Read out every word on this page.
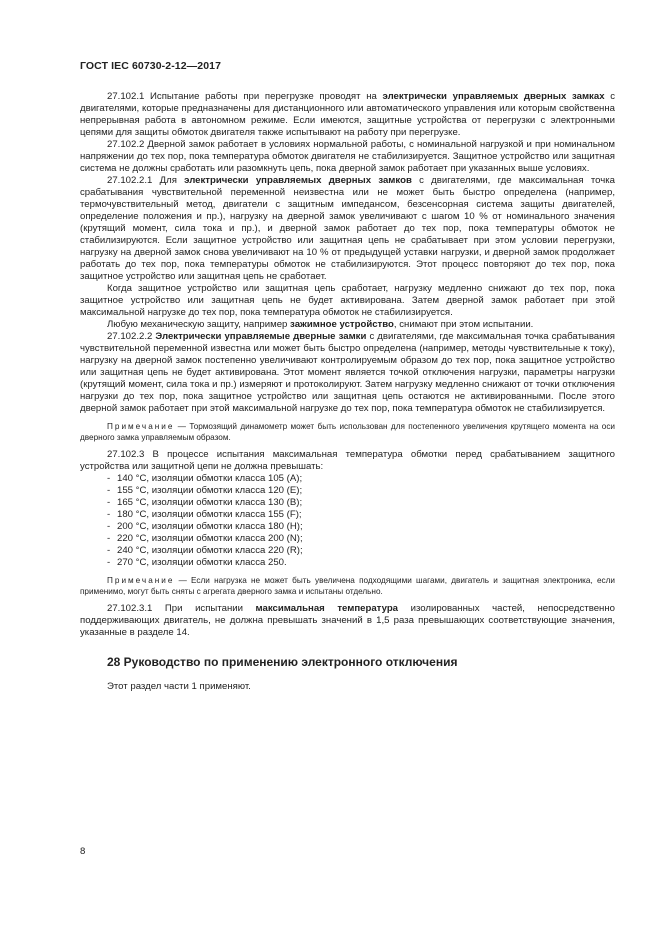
ГОСТ IEC 60730-2-12—2017

27.102.1 Испытание работы при перегрузке проводят на электрически управляемых дверных замках с двигателями, которые предназначены для дистанционного или автоматического управления или которым свойственна непрерывная работа в автономном режиме. Если имеются, защитные устройства от перегрузки с электронными цепями для защиты обмоток двигателя также испытывают на работу при перегрузке.

27.102.2 Дверной замок работает в условиях нормальной работы, с номинальной нагрузкой и при номинальном напряжении до тех пор, пока температура обмоток двигателя не стабилизируется. Защитное устройство или защитная система не должны сработать или разомкнуть цепь, пока дверной замок работает при указанных выше условиях.

27.102.2.1 Для электрически управляемых дверных замков с двигателями, где максимальная точка срабатывания чувствительной переменной неизвестна или не может быть быстро определена (например, термочувствительный метод, двигатели с защитным импедансом, безсенсорная система защиты двигателей, определение положения и пр.), нагрузку на дверной замок увеличивают с шагом 10 % от номинального значения (крутящий момент, сила тока и пр.), и дверной замок работает до тех пор, пока температуры обмоток не стабилизируются. Если защитное устройство или защитная цепь не срабатывает при этом условии перегрузки, нагрузку на дверной замок снова увеличивают на 10 % от предыдущей уставки нагрузки, и дверной замок продолжает работать до тех пор, пока температуры обмоток не стабилизируются. Этот процесс повторяют до тех пор, пока защитное устройство или защитная цепь не сработает.

Когда защитное устройство или защитная цепь сработает, нагрузку медленно снижают до тех пор, пока защитное устройство или защитная цепь не будет активирована. Затем дверной замок работает при этой максимальной нагрузке до тех пор, пока температура обмоток не стабилизируется.

Любую механическую защиту, например зажимное устройство, снимают при этом испытании.

27.102.2.2 Электрически управляемые дверные замки с двигателями, где максимальная точка срабатывания чувствительной переменной известна или может быть быстро определена (например, методы чувствительные к току), нагрузку на дверной замок постепенно увеличивают контролируемым образом до тех пор, пока защитное устройство или защитная цепь не будет активирована. Этот момент является точкой отключения нагрузки, параметры нагрузки (крутящий момент, сила тока и пр.) измеряют и протоколируют. Затем нагрузку медленно снижают от точки отключения нагрузки до тех пор, пока защитное устройство или защитная цепь остаются не активированными. После этого дверной замок работает при этой максимальной нагрузке до тех пор, пока температура обмоток не стабилизируется.

Примечание — Тормозящий динамометр может быть использован для постепенного увеличения крутящего момента на оси дверного замка управляемым образом.

27.102.3 В процессе испытания максимальная температура обмотки перед срабатыванием защитного устройства или защитной цепи не должна превышать:

- 140 °С, изоляции обмотки класса 105 (А);
- 155 °С, изоляции обмотки класса 120 (Е);
- 165 °С, изоляции обмотки класса 130 (В);
- 180 °С, изоляции обмотки класса 155 (F);
- 200 °С, изоляции обмотки класса 180 (Н);
- 220 °С, изоляции обмотки класса 200 (N);
- 240 °С, изоляции обмотки класса 220 (R);
- 270 °С, изоляции обмотки класса 250.

Примечание — Если нагрузка не может быть увеличена подходящими шагами, двигатель и защитная электроника, если применимо, могут быть сняты с агрегата дверного замка и испытаны отдельно.

27.102.3.1 При испытании максимальная температура изолированных частей, непосредственно поддерживающих двигатель, не должна превышать значений в 1,5 раза превышающих соответствующие значения, указанные в разделе 14.

28 Руководство по применению электронного отключения

Этот раздел части 1 применяют.

8
